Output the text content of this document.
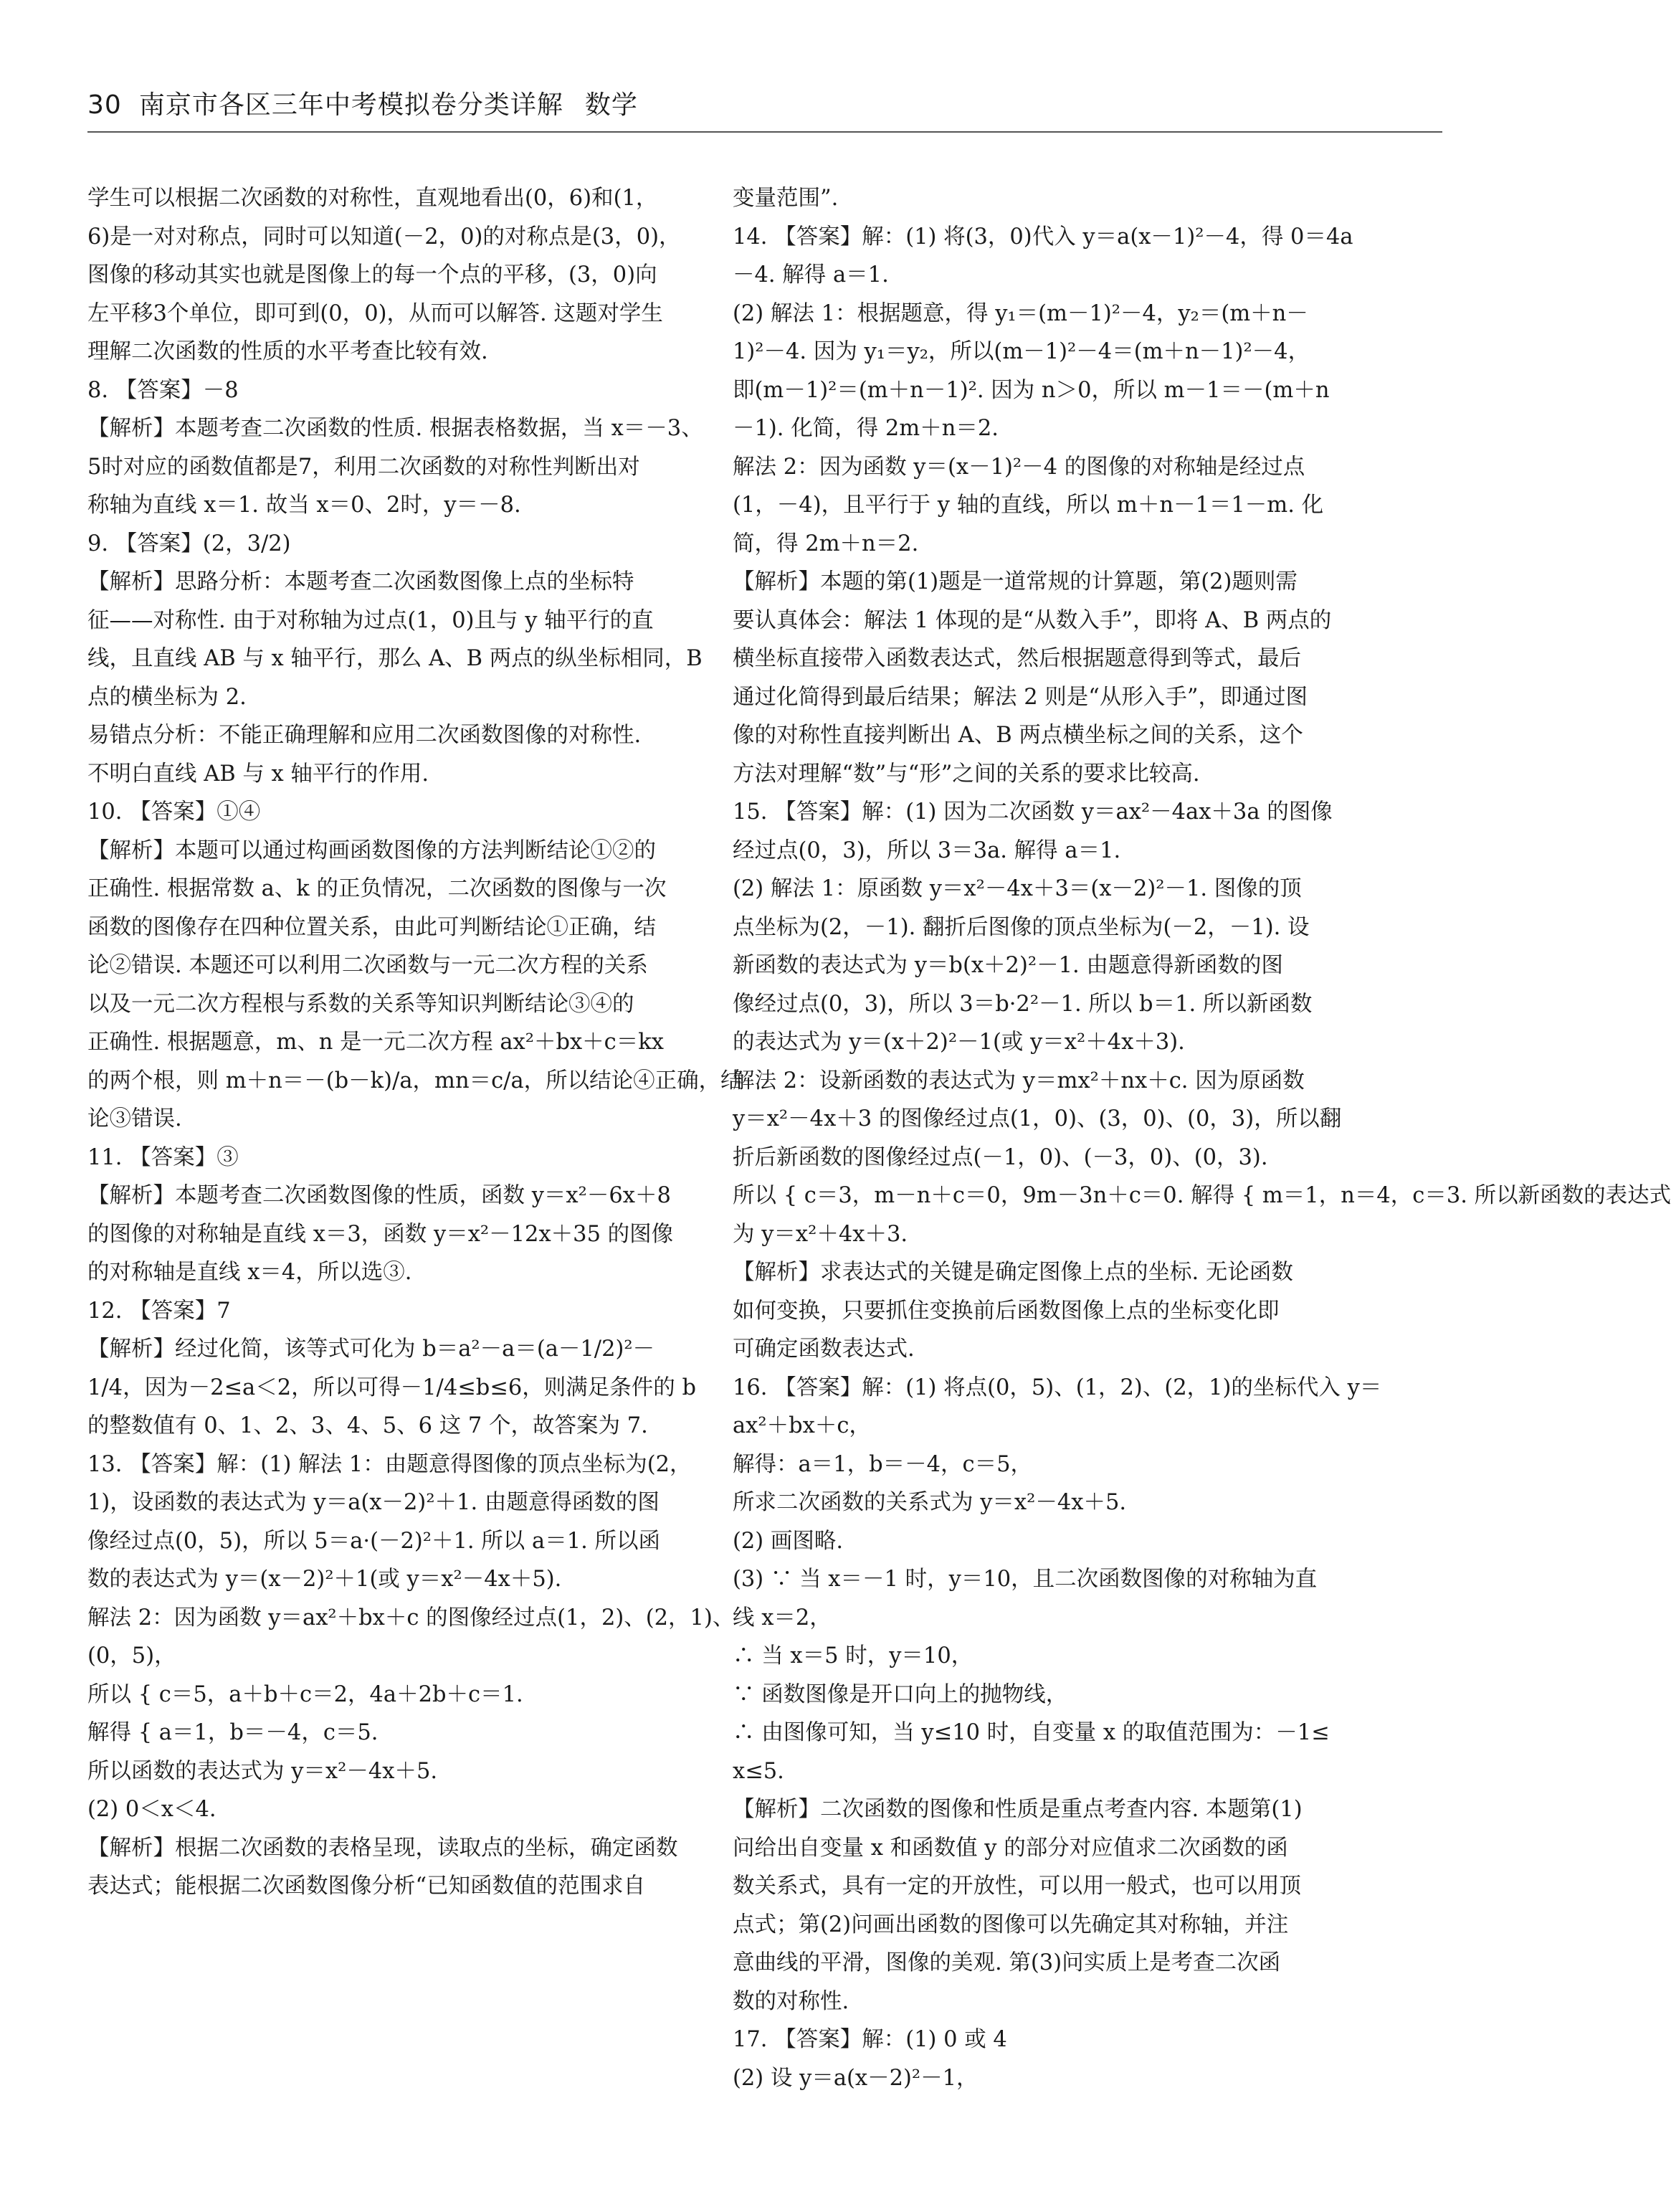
30 南京市各区三年中考模拟卷分类详解 数学

学生可以根据二次函数的对称性，直观地看出(0，6)和(1，

6)是一对对称点，同时可以知道(－2，0)的对称点是(3，0)，

图像的移动其实也就是图像上的每一个点的平移，(3，0)向

左平移3个单位，即可到(0，0)，从而可以解答. 这题对学生

理解二次函数的性质的水平考查比较有效.

8. 【答案】－8

【解析】本题考查二次函数的性质. 根据表格数据，当 x＝－3、

5时对应的函数值都是7，利用二次函数的对称性判断出对

称轴为直线 x＝1. 故当 x＝0、2时，y＝－8.

9. 【答案】(2，3/2)

【解析】思路分析：本题考查二次函数图像上点的坐标特

征——对称性. 由于对称轴为过点(1，0)且与 y 轴平行的直

线，且直线 AB 与 x 轴平行，那么 A、B 两点的纵坐标相同，B

点的横坐标为 2.

易错点分析：不能正确理解和应用二次函数图像的对称性.

不明白直线 AB 与 x 轴平行的作用.

10. 【答案】①④

【解析】本题可以通过构画函数图像的方法判断结论①②的

正确性. 根据常数 a、k 的正负情况，二次函数的图像与一次

函数的图像存在四种位置关系，由此可判断结论①正确，结

论②错误. 本题还可以利用二次函数与一元二次方程的关系

以及一元二次方程根与系数的关系等知识判断结论③④的

正确性. 根据题意，m、n 是一元二次方程 ax²＋bx＋c＝kx

的两个根，则 m＋n＝－(b－k)/a，mn＝c/a，所以结论④正确，结

论③错误.

11. 【答案】③

【解析】本题考查二次函数图像的性质，函数 y＝x²－6x＋8

的图像的对称轴是直线 x＝3，函数 y＝x²－12x＋35 的图像

的对称轴是直线 x＝4，所以选③.

12. 【答案】7

【解析】经过化简，该等式可化为 b＝a²－a＝(a－1/2)²－

1/4，因为－2≤a＜2，所以可得－1/4≤b≤6，则满足条件的 b

的整数值有 0、1、2、3、4、5、6 这 7 个，故答案为 7.

13. 【答案】解：(1) 解法 1：由题意得图像的顶点坐标为(2，

1)，设函数的表达式为 y＝a(x－2)²＋1. 由题意得函数的图

像经过点(0，5)，所以 5＝a·(－2)²＋1. 所以 a＝1. 所以函

数的表达式为 y＝(x－2)²＋1(或 y＝x²－4x＋5).

解法 2：因为函数 y＝ax²＋bx＋c 的图像经过点(1，2)、(2，1)、

(0，5)，

所以 { c＝5，a＋b＋c＝2，4a＋2b＋c＝1.

解得 { a＝1，b＝－4，c＝5.

所以函数的表达式为 y＝x²－4x＋5.

(2) 0＜x＜4.

【解析】根据二次函数的表格呈现，读取点的坐标，确定函数

表达式；能根据二次函数图像分析“已知函数值的范围求自

变量范围”.

14. 【答案】解：(1) 将(3，0)代入 y＝a(x－1)²－4，得 0＝4a

－4. 解得 a＝1.

(2) 解法 1：根据题意，得 y₁＝(m－1)²－4，y₂＝(m＋n－

1)²－4. 因为 y₁＝y₂，所以(m－1)²－4＝(m＋n－1)²－4，

即(m－1)²＝(m＋n－1)². 因为 n＞0，所以 m－1＝－(m＋n

－1). 化简，得 2m＋n＝2.

解法 2：因为函数 y＝(x－1)²－4 的图像的对称轴是经过点

(1，－4)，且平行于 y 轴的直线，所以 m＋n－1＝1－m. 化

简，得 2m＋n＝2.

【解析】本题的第(1)题是一道常规的计算题，第(2)题则需

要认真体会：解法 1 体现的是“从数入手”，即将 A、B 两点的

横坐标直接带入函数表达式，然后根据题意得到等式，最后

通过化简得到最后结果；解法 2 则是“从形入手”，即通过图

像的对称性直接判断出 A、B 两点横坐标之间的关系，这个

方法对理解“数”与“形”之间的关系的要求比较高.

15. 【答案】解：(1) 因为二次函数 y＝ax²－4ax＋3a 的图像

经过点(0，3)，所以 3＝3a. 解得 a＝1.

(2) 解法 1：原函数 y＝x²－4x＋3＝(x－2)²－1. 图像的顶

点坐标为(2，－1). 翻折后图像的顶点坐标为(－2，－1). 设

新函数的表达式为 y＝b(x＋2)²－1. 由题意得新函数的图

像经过点(0，3)，所以 3＝b·2²－1. 所以 b＝1. 所以新函数

的表达式为 y＝(x＋2)²－1(或 y＝x²＋4x＋3).

解法 2：设新函数的表达式为 y＝mx²＋nx＋c. 因为原函数

y＝x²－4x＋3 的图像经过点(1，0)、(3，0)、(0，3)，所以翻

折后新函数的图像经过点(－1，0)、(－3，0)、(0，3).

所以 { c＝3，m－n＋c＝0，9m－3n＋c＝0. 解得 { m＝1，n＝4，c＝3. 所以新函数的表达式

为 y＝x²＋4x＋3.

【解析】求表达式的关键是确定图像上点的坐标. 无论函数

如何变换，只要抓住变换前后函数图像上点的坐标变化即

可确定函数表达式.

16. 【答案】解：(1) 将点(0，5)、(1，2)、(2，1)的坐标代入 y＝

ax²＋bx＋c，

解得：a＝1，b＝－4，c＝5，

所求二次函数的关系式为 y＝x²－4x＋5.

(2) 画图略.

(3) ∵ 当 x＝－1 时，y＝10，且二次函数图像的对称轴为直

线 x＝2，

∴ 当 x＝5 时，y＝10，

∵ 函数图像是开口向上的抛物线，

∴ 由图像可知，当 y≤10 时，自变量 x 的取值范围为：－1≤

x≤5.

【解析】二次函数的图像和性质是重点考查内容. 本题第(1)

问给出自变量 x 和函数值 y 的部分对应值求二次函数的函

数关系式，具有一定的开放性，可以用一般式，也可以用顶

点式；第(2)问画出函数的图像可以先确定其对称轴，并注

意曲线的平滑，图像的美观. 第(3)问实质上是考查二次函

数的对称性.

17. 【答案】解：(1) 0 或 4

(2) 设 y＝a(x－2)²－1，
